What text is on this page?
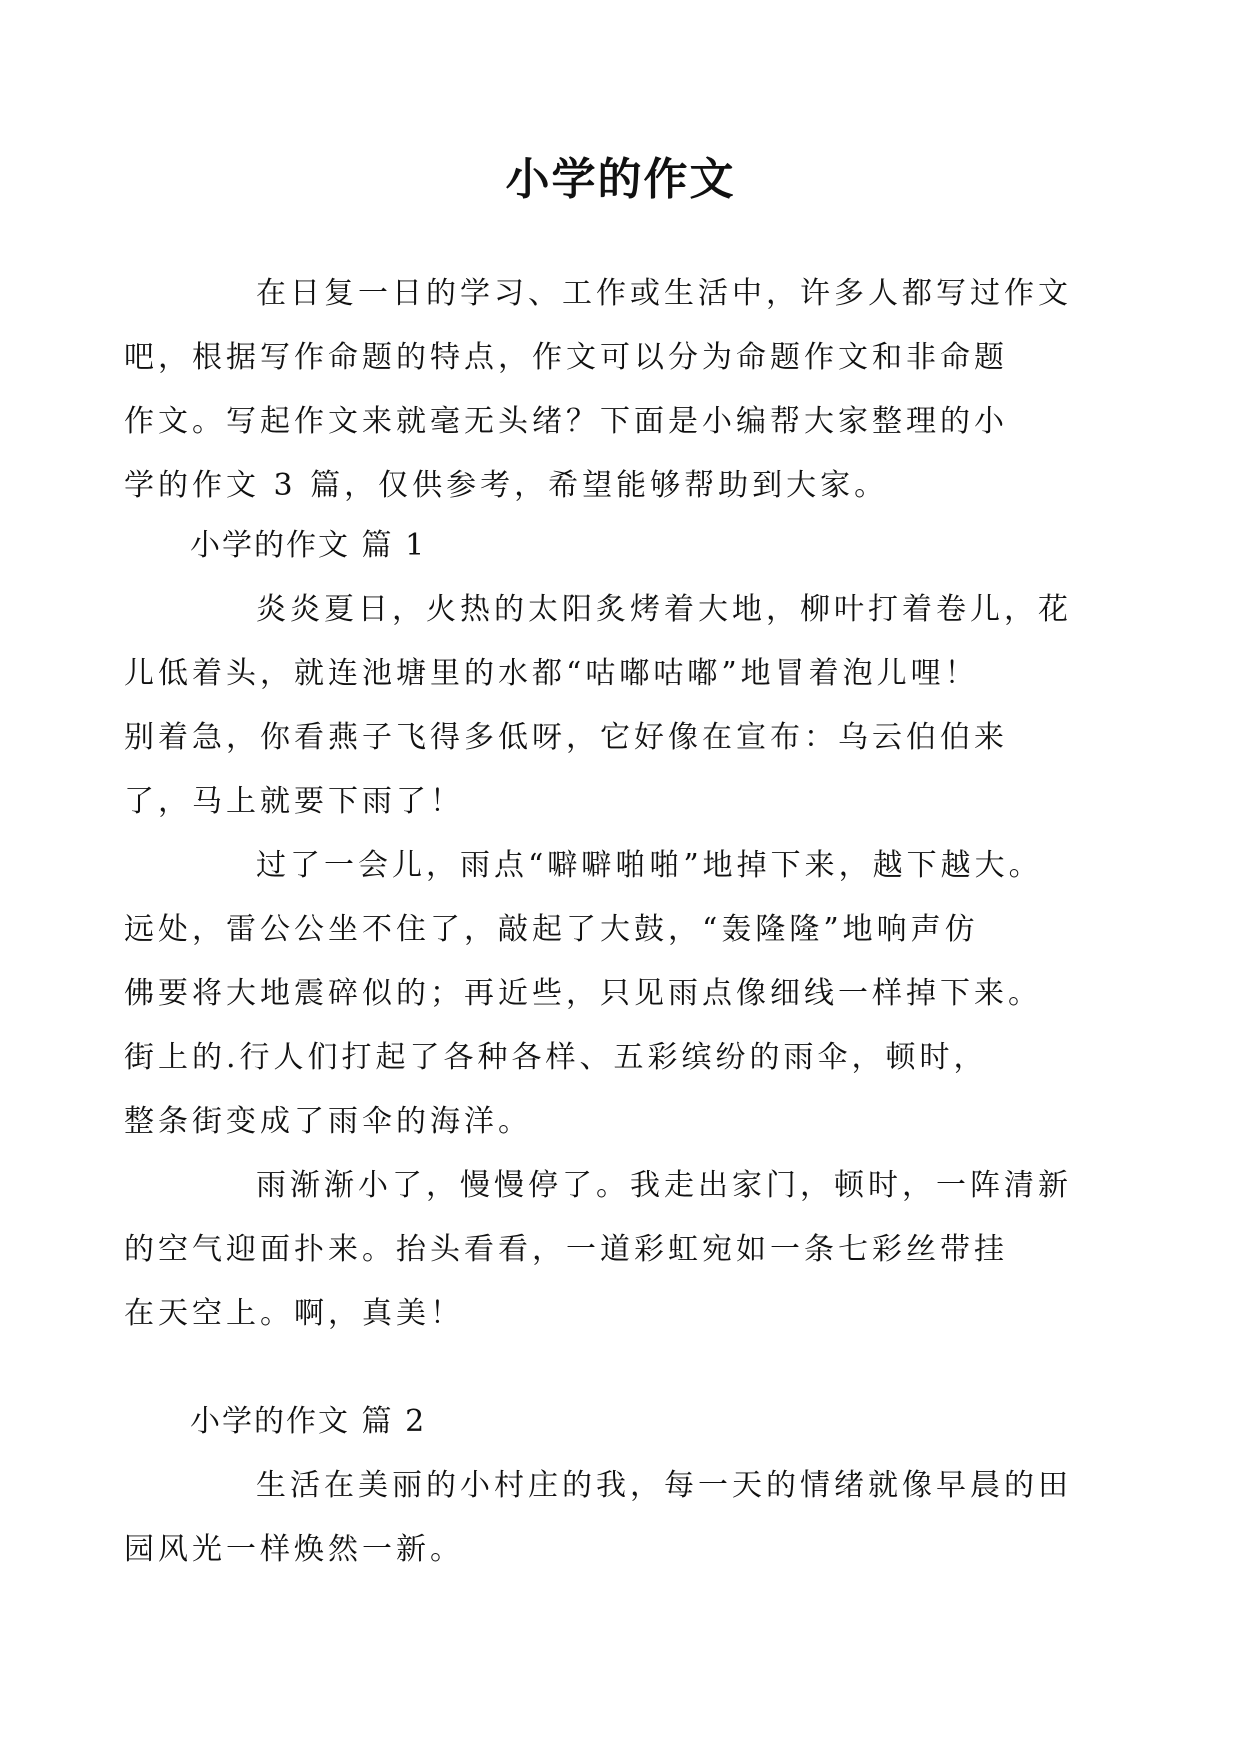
小学的作文

在日复一日的学习、工作或生活中，许多人都写过作文
吧，根据写作命题的特点，作文可以分为命题作文和非命题
作文。写起作文来就毫无头绪？下面是小编帮大家整理的小
学的作文 3 篇，仅供参考，希望能够帮助到大家。

小学的作文 篇 1

炎炎夏日，火热的太阳炙烤着大地，柳叶打着卷儿，花
儿低着头，就连池塘里的水都“咕嘟咕嘟”地冒着泡儿哩！
别着急，你看燕子飞得多低呀，它好像在宣布：乌云伯伯来
了，马上就要下雨了！

过了一会儿，雨点“噼噼啪啪”地掉下来，越下越大。
远处，雷公公坐不住了，敲起了大鼓，“轰隆隆”地响声仿
佛要将大地震碎似的；再近些，只见雨点像细线一样掉下来。
街上的.行人们打起了各种各样、五彩缤纷的雨伞，顿时，
整条街变成了雨伞的海洋。

雨渐渐小了，慢慢停了。我走出家门，顿时，一阵清新
的空气迎面扑来。抬头看看，一道彩虹宛如一条七彩丝带挂
在天空上。啊，真美！

小学的作文 篇 2

生活在美丽的小村庄的我，每一天的情绪就像早晨的田
园风光一样焕然一新。
